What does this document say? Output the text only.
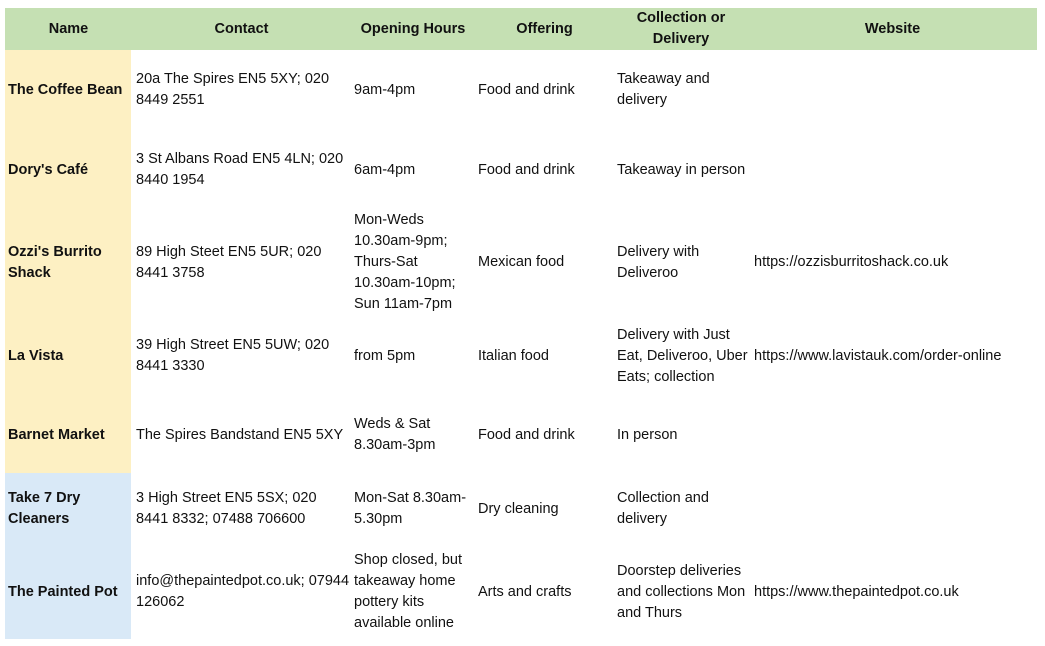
Name	Contact	Opening Hours	Offering	Collection or Delivery	Website
The Coffee Bean	20a The Spires EN5 5XY; 020 8449 2551	9am-4pm	Food and drink	Takeaway and delivery	
Dory's Café	3 St Albans Road EN5 4LN; 020 8440 1954	6am-4pm	Food and drink	Takeaway in person	
Ozzi's Burrito Shack	89 High Steet EN5 5UR; 020 8441 3758	Mon-Weds 10.30am-9pm; Thurs-Sat 10.30am-10pm; Sun 11am-7pm	Mexican food	Delivery with Deliveroo	https://ozzisburritoshack.co.uk
La Vista	39 High Street EN5 5UW; 020 8441 3330	from 5pm	Italian food	Delivery with Just Eat, Deliveroo, Uber Eats; collection	https://www.lavistauk.com/order-online
Barnet Market	The Spires Bandstand EN5 5XY	Weds & Sat 8.30am-3pm	Food and drink	In person	
Take 7 Dry Cleaners	3 High Street EN5 5SX; 020 8441 8332; 07488 706600	Mon-Sat 8.30am-5.30pm	Dry cleaning	Collection and delivery	
The Painted Pot	info@thepaintedpot.co.uk; 07944 126062	Shop closed, but takeaway home pottery kits available online	Arts and crafts	Doorstep deliveries and collections Mon and Thurs	https://www.thepaintedpot.co.uk
